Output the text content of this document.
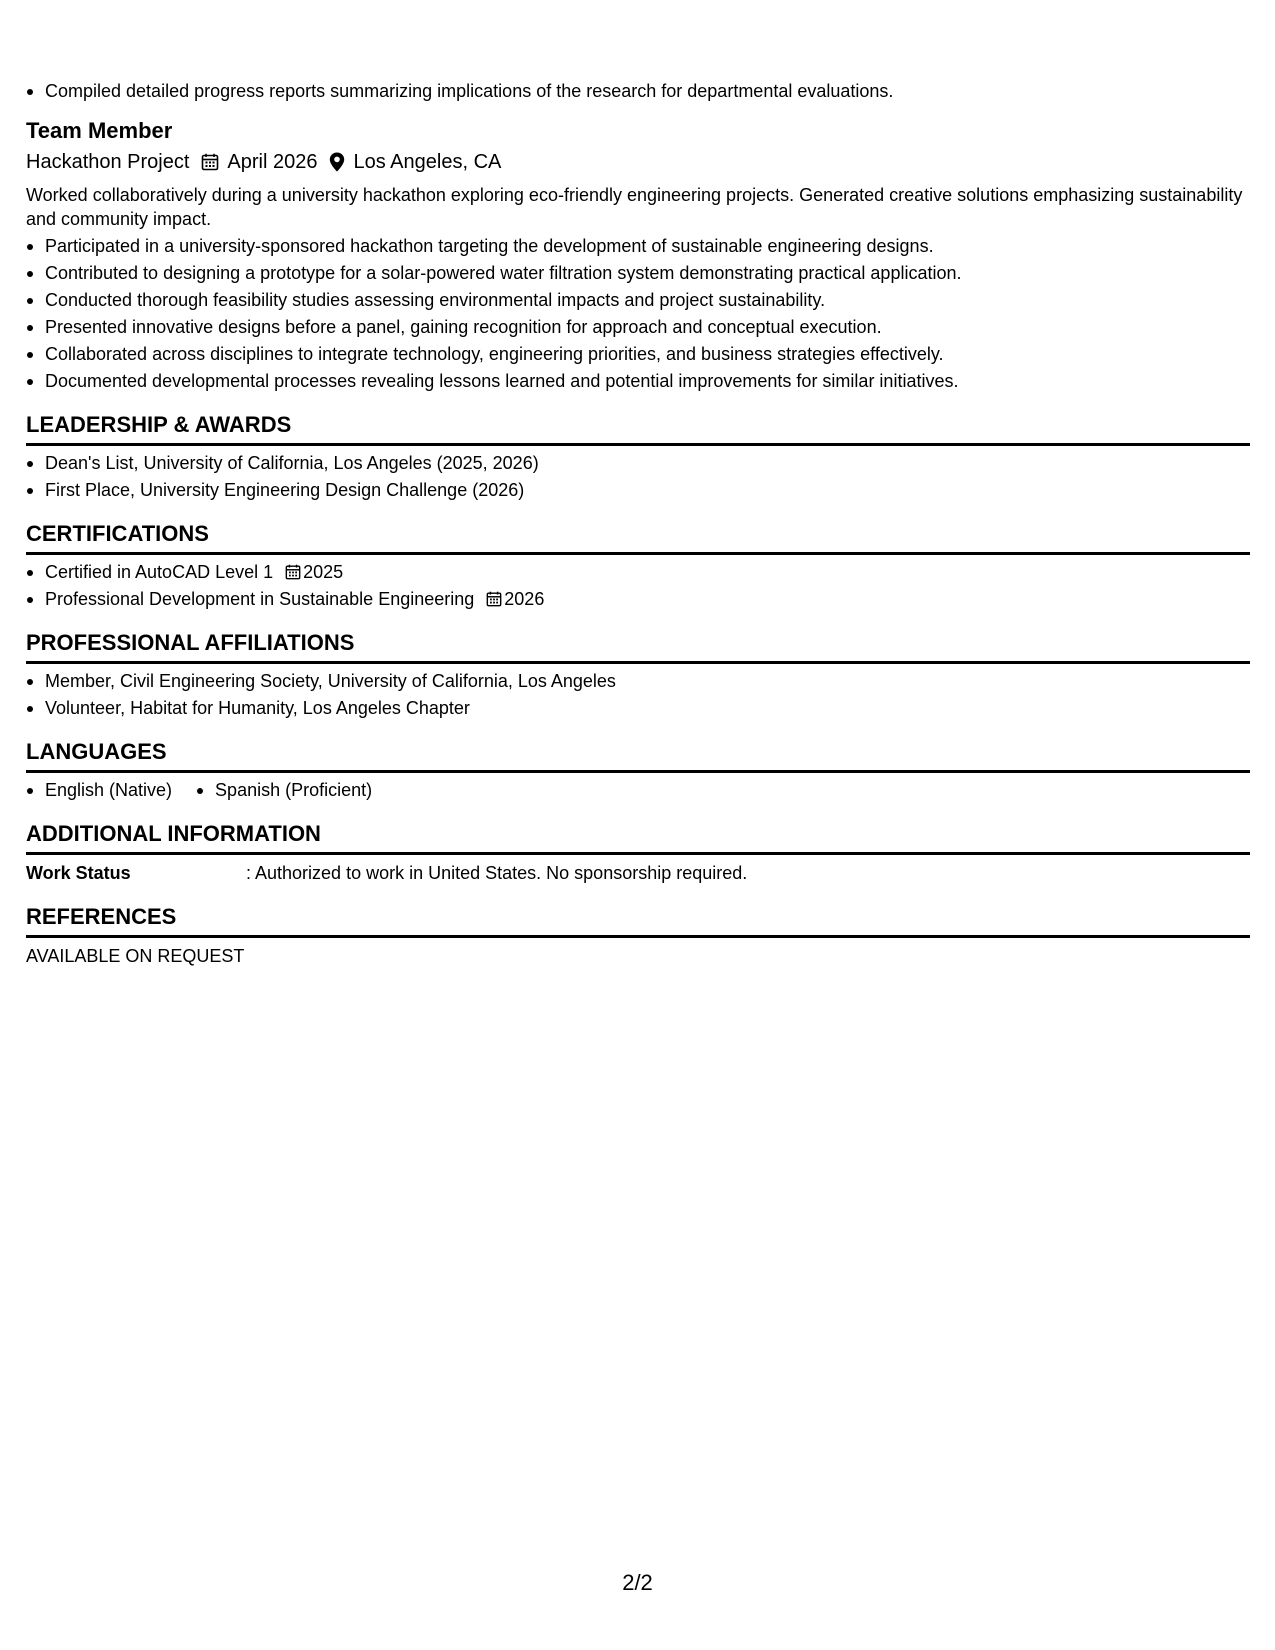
Compiled detailed progress reports summarizing implications of the research for departmental evaluations.
Team Member
Hackathon Project April 2026 Los Angeles, CA
Worked collaboratively during a university hackathon exploring eco-friendly engineering projects. Generated creative solutions emphasizing sustainability and community impact.
Participated in a university-sponsored hackathon targeting the development of sustainable engineering designs.
Contributed to designing a prototype for a solar-powered water filtration system demonstrating practical application.
Conducted thorough feasibility studies assessing environmental impacts and project sustainability.
Presented innovative designs before a panel, gaining recognition for approach and conceptual execution.
Collaborated across disciplines to integrate technology, engineering priorities, and business strategies effectively.
Documented developmental processes revealing lessons learned and potential improvements for similar initiatives.
LEADERSHIP & AWARDS
Dean's List, University of California, Los Angeles (2025, 2026)
First Place, University Engineering Design Challenge (2026)
CERTIFICATIONS
Certified in AutoCAD Level 1 2025
Professional Development in Sustainable Engineering 2026
PROFESSIONAL AFFILIATIONS
Member, Civil Engineering Society, University of California, Los Angeles
Volunteer, Habitat for Humanity, Los Angeles Chapter
LANGUAGES
English (Native)	Spanish (Proficient)
ADDITIONAL INFORMATION
Work Status	: Authorized to work in United States. No sponsorship required.
REFERENCES
AVAILABLE ON REQUEST
2/2
